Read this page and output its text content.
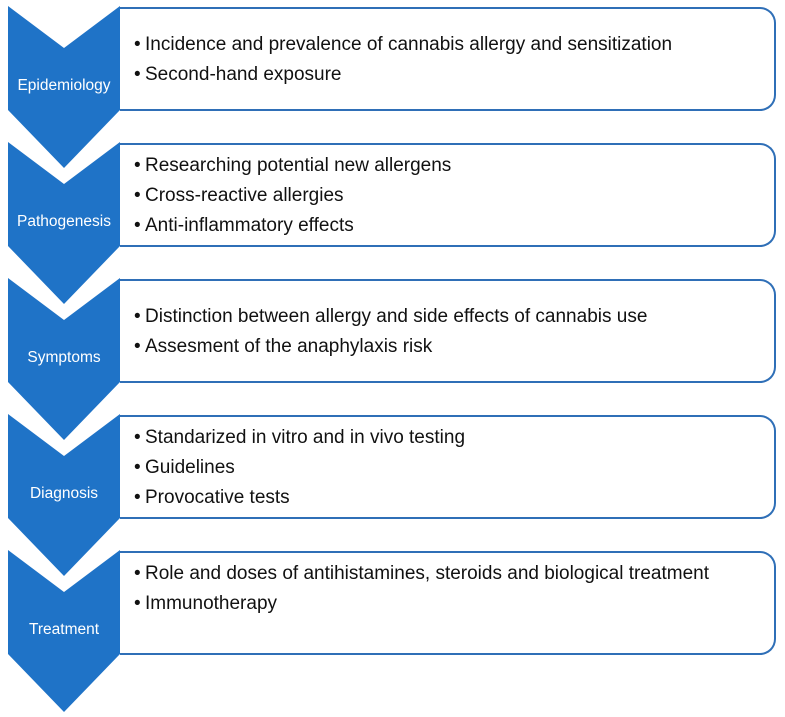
Epidemiology
• Incidence and prevalence of cannabis allergy and sensitization
• Second-hand exposure
Pathogenesis
• Researching potential new allergens
• Cross-reactive allergies
• Anti-inflammatory effects
Symptoms
• Distinction between allergy and side effects of cannabis use
• Assesment of the anaphylaxis risk
Diagnosis
• Standarized in vitro and in vivo testing
• Guidelines
• Provocative tests
Treatment
• Role and doses of antihistamines, steroids and biological treatment
• Immunotherapy
